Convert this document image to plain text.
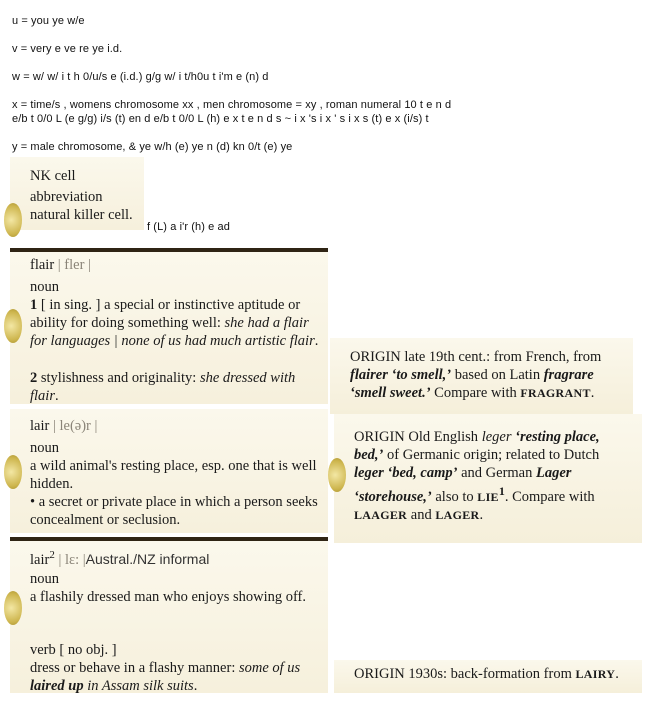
u = you ye w/e
v = very e ve re ye i.d.
w = w/ w/ i t h 0/u/s e (i.d.) g/g w/ i t/h0u t i'm e (n) d
x = time/s , womens chromosome xx , men chromosome = xy , roman numeral 10 t e n d
e/b t 0/0 L (e g/g) i/s (t) en d e/b t 0/0 L (h) e x t e n d s ~ i x 's i x ' s i x s (t) e x (i/s) t
y = male chromosome, & ye w/h (e) ye n (d) kn 0/t (e) ye
NK cell
abbreviation
natural killer cell.
f (L) a i'r (h) e ad
flair | fler |
noun
1 [ in sing. ] a special or instinctive aptitude or ability for doing something well: she had a flair for languages | none of us had much artistic flair.
2 stylishness and originality: she dressed with flair.
ORIGIN late 19th cent.: from French, from flairer ‘to smell,’ based on Latin fragrare ‘smell sweet.’ Compare with FRAGRANT.
lair | le(ə)r |
noun
a wild animal's resting place, esp. one that is well hidden.
• a secret or private place in which a person seeks concealment or seclusion.
ORIGIN Old English leger ‘resting place, bed,’ of Germanic origin; related to Dutch leger ‘bed, camp’ and German Lager ‘storehouse,’ also to LIE$^1$. Compare with LAAGER and LAGER.
lair$^2$ | lɛ: |Austral./NZ informal
noun
a flashily dressed man who enjoys showing off.
verb [ no obj. ]
dress or behave in a flashy manner: some of us laired up in Assam silk suits.
ORIGIN 1930s: back-formation from LAIRY.
